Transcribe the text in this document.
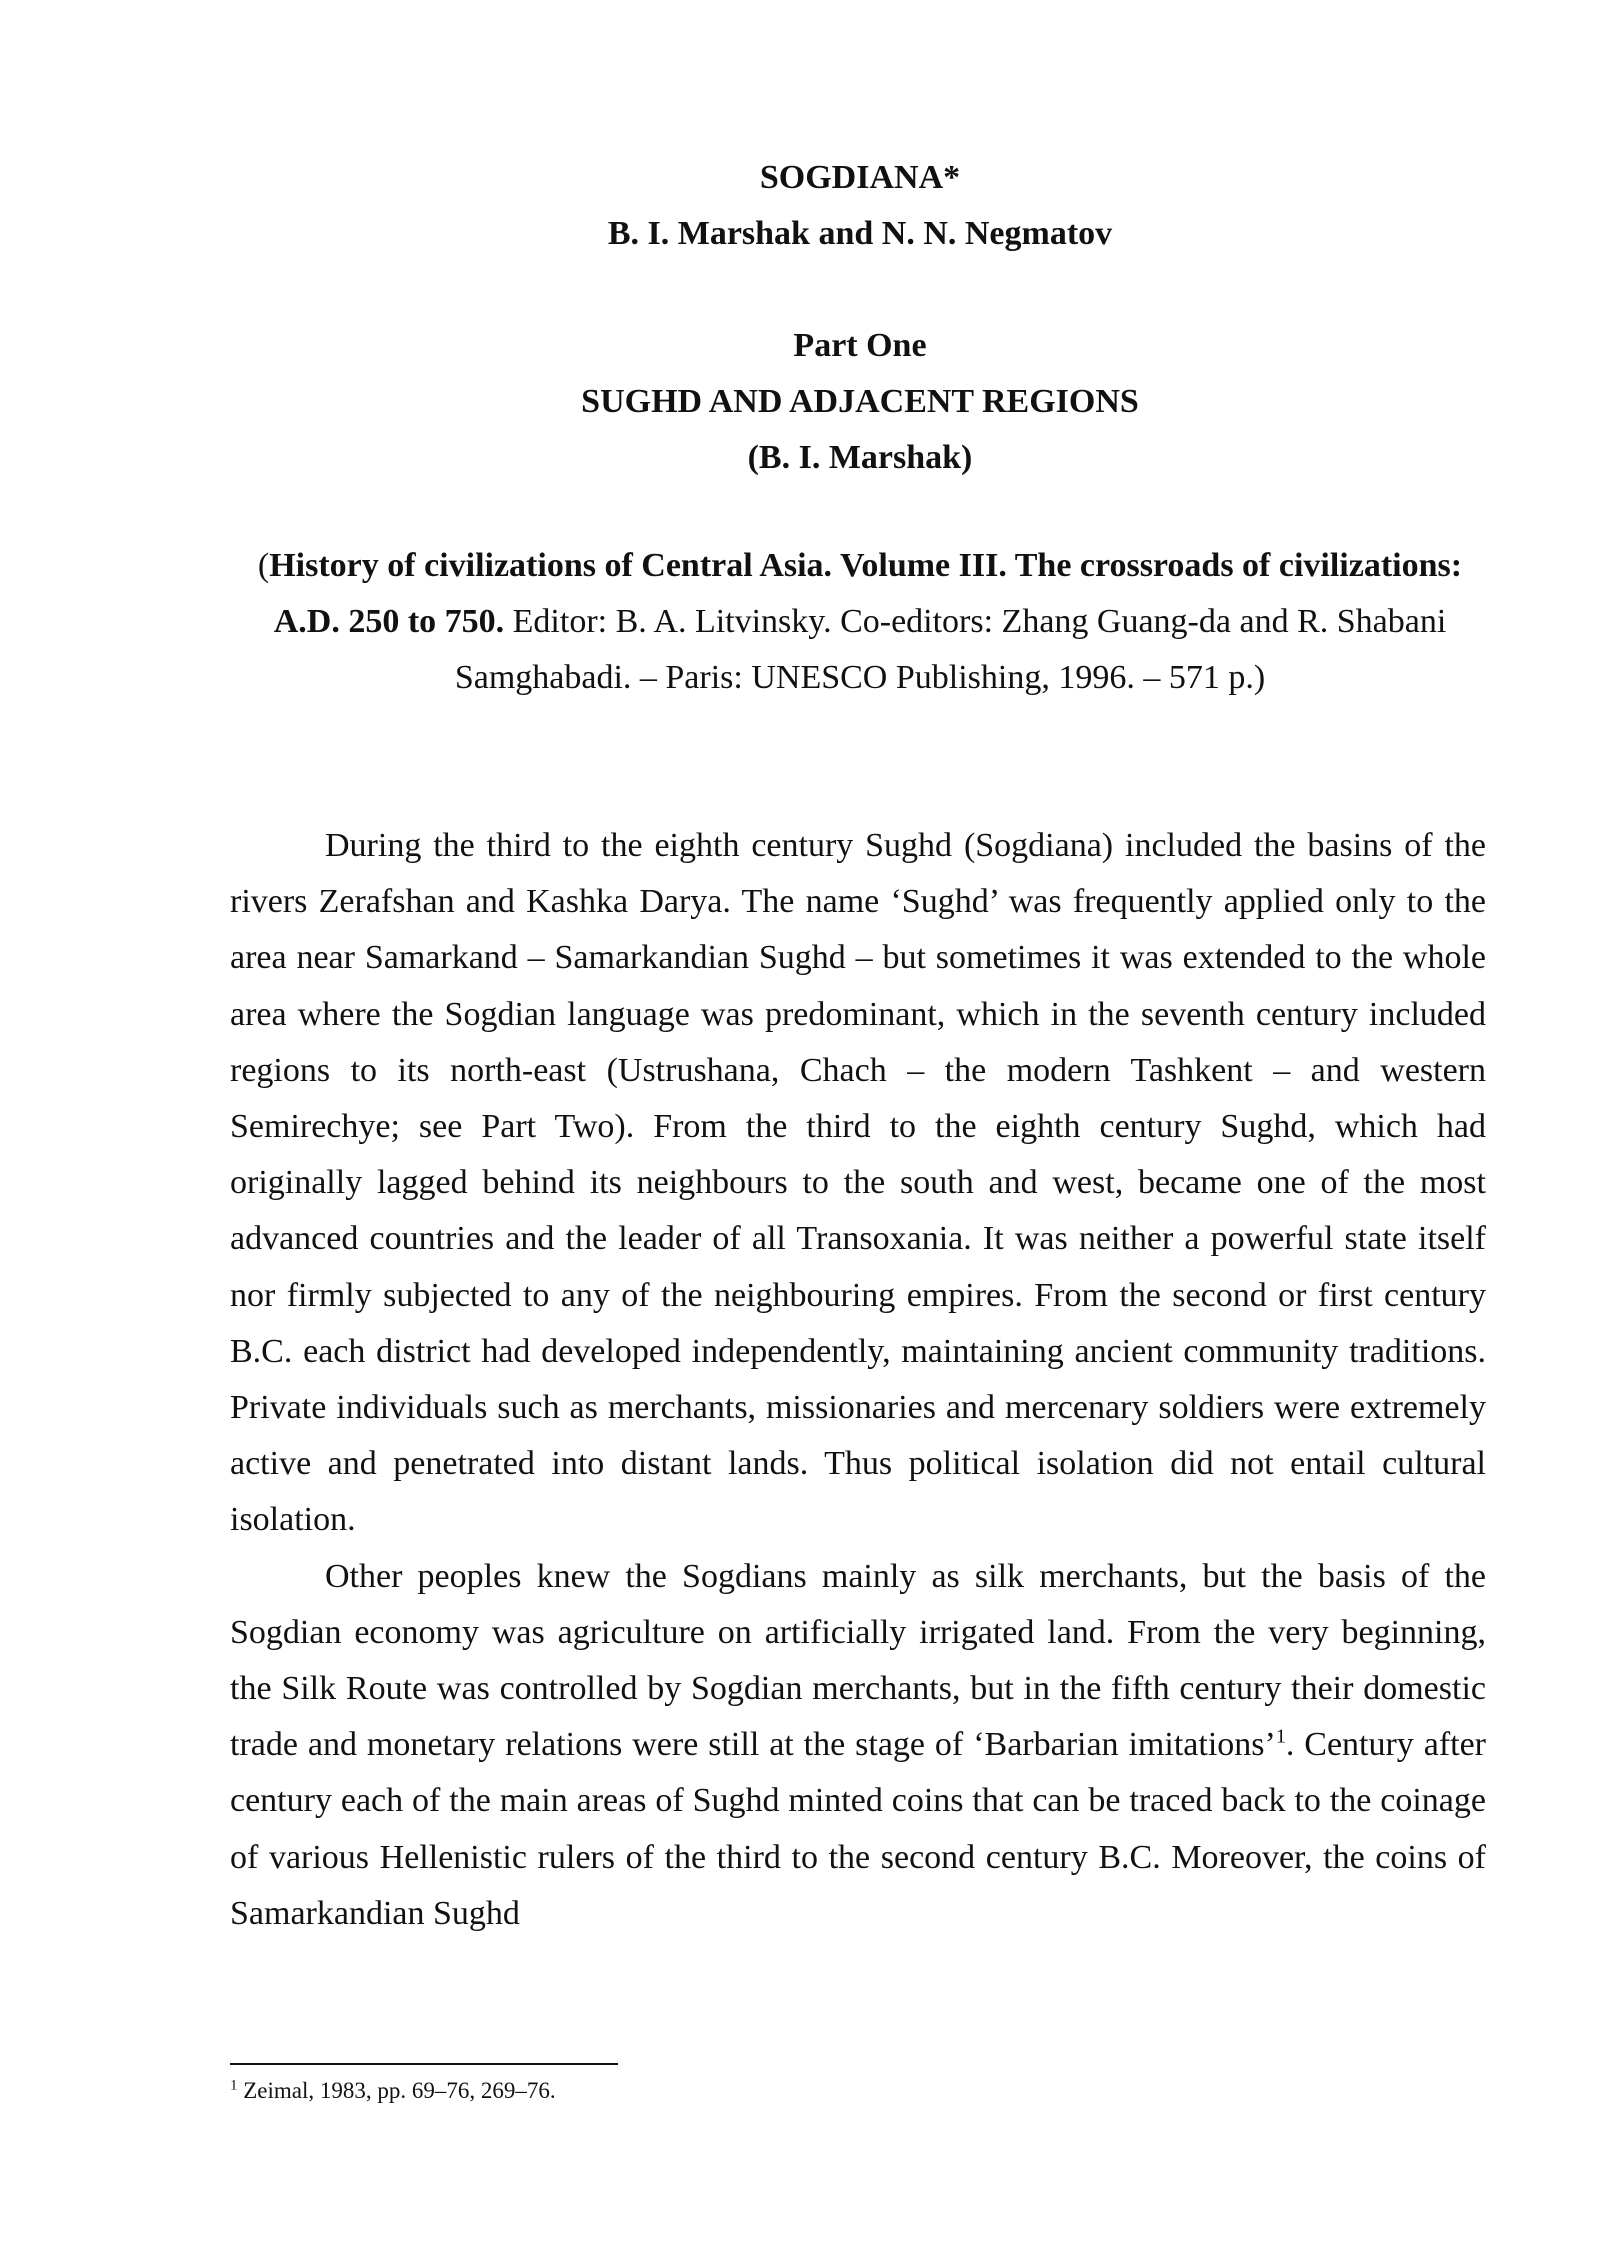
SOGDIANA*
B. I. Marshak and N. N. Negmatov
Part One
SUGHD AND ADJACENT REGIONS
(B. I. Marshak)
(History of civilizations of Central Asia. Volume III. The crossroads of civilizations: A.D. 250 to 750. Editor: B. A. Litvinsky. Co-editors: Zhang Guang-da and R. Shabani Samghabadi. – Paris: UNESCO Publishing, 1996. – 571 p.)

During the third to the eighth century Sughd (Sogdiana) included the basins of the rivers Zerafshan and Kashka Darya. The name ‘Sughd’ was frequently applied only to the area near Samarkand – Samarkandian Sughd – but sometimes it was extended to the whole area where the Sogdian language was predominant, which in the seventh century included regions to its north-east (Ustrushana, Chach – the modern Tashkent – and western Semirechye; see Part Two). From the third to the eighth century Sughd, which had originally lagged behind its neighbours to the south and west, became one of the most advanced countries and the leader of all Transoxania. It was neither a powerful state itself nor firmly subjected to any of the neighbouring empires. From the second or first century B.C. each district had developed independently, maintaining ancient community traditions. Private individuals such as merchants, missionaries and mercenary soldiers were extremely active and penetrated into distant lands. Thus political isolation did not entail cultural isolation.

Other peoples knew the Sogdians mainly as silk merchants, but the basis of the Sogdian economy was agriculture on artificially irrigated land. From the very beginning, the Silk Route was controlled by Sogdian merchants, but in the fifth century their domestic trade and monetary relations were still at the stage of ‘Barbarian imitations’$^1$. Century after century each of the main areas of Sughd minted coins that can be traced back to the coinage of various Hellenistic rulers of the third to the second century B.C. Moreover, the coins of Samarkandian Sughd

$^1$ Zeimal, 1983, pp. 69–76, 269–76.
